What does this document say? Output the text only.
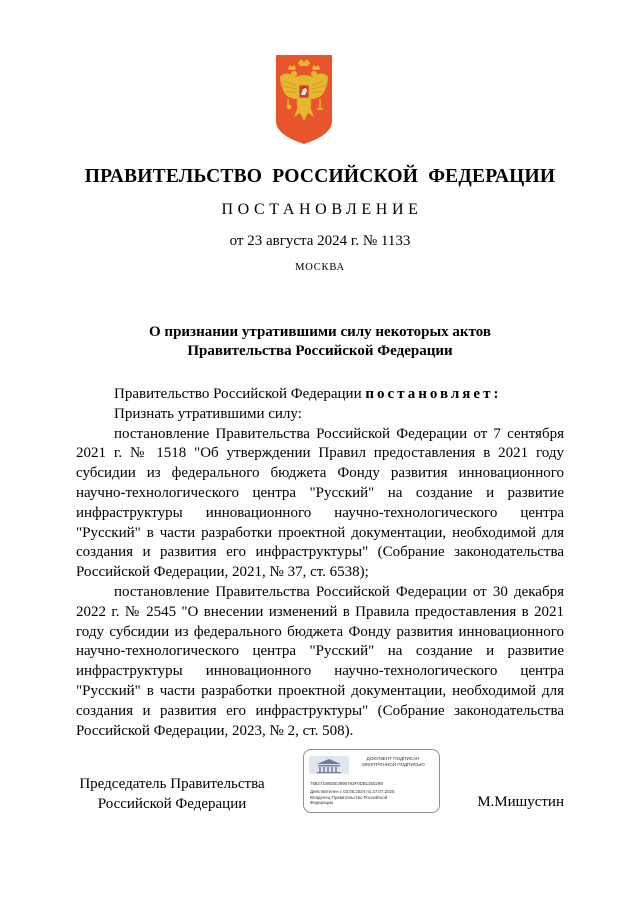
ПРАВИТЕЛЬСТВО  РОССИЙСКОЙ  ФЕДЕРАЦИИ
ПОСТАНОВЛЕНИЕ
от 23 августа 2024 г. № 1133
МОСКВА
О признании утратившими силу некоторых актов
Правительства Российской Федерации

Правительство Российской Федерации постановляет:

Признать утратившими силу:

постановление Правительства Российской Федерации от 7 сентября 2021 г. № 1518 "Об утверждении Правил предоставления в 2021 году субсидии из федерального бюджета Фонду развития инновационного научно-технологического центра "Русский" на создание и развитие инфраструктуры инновационного научно-технологического центра "Русский" в части разработки проектной документации, необходимой для создания и развития его инфраструктуры" (Собрание законодательства Российской Федерации, 2021, № 37, ст. 6538);

постановление Правительства Российской Федерации от 30 декабря 2022 г. № 2545 "О внесении изменений в Правила предоставления в 2021 году субсидии из федерального бюджета Фонду развития инновационного научно-технологического центра "Русский" на создание и развитие инфраструктуры инновационного научно-технологического центра "Русский" в части разработки проектной документации, необходимой для создания и развития его инфраструктуры" (Собрание законодательства Российской Федерации, 2023, № 2, ст. 508).

Председатель Правительства
Российской Федерации
ДОКУМЕНТ ПОДПИСАН
ЭЛЕКТРОННОЙ ПОДПИСЬЮ
7682744800E3996793F0DB1250298
Действителен с 03.05.2024 по 27.07.2025
Владелец Правительство Российской
Федерации	М.Мишустин
